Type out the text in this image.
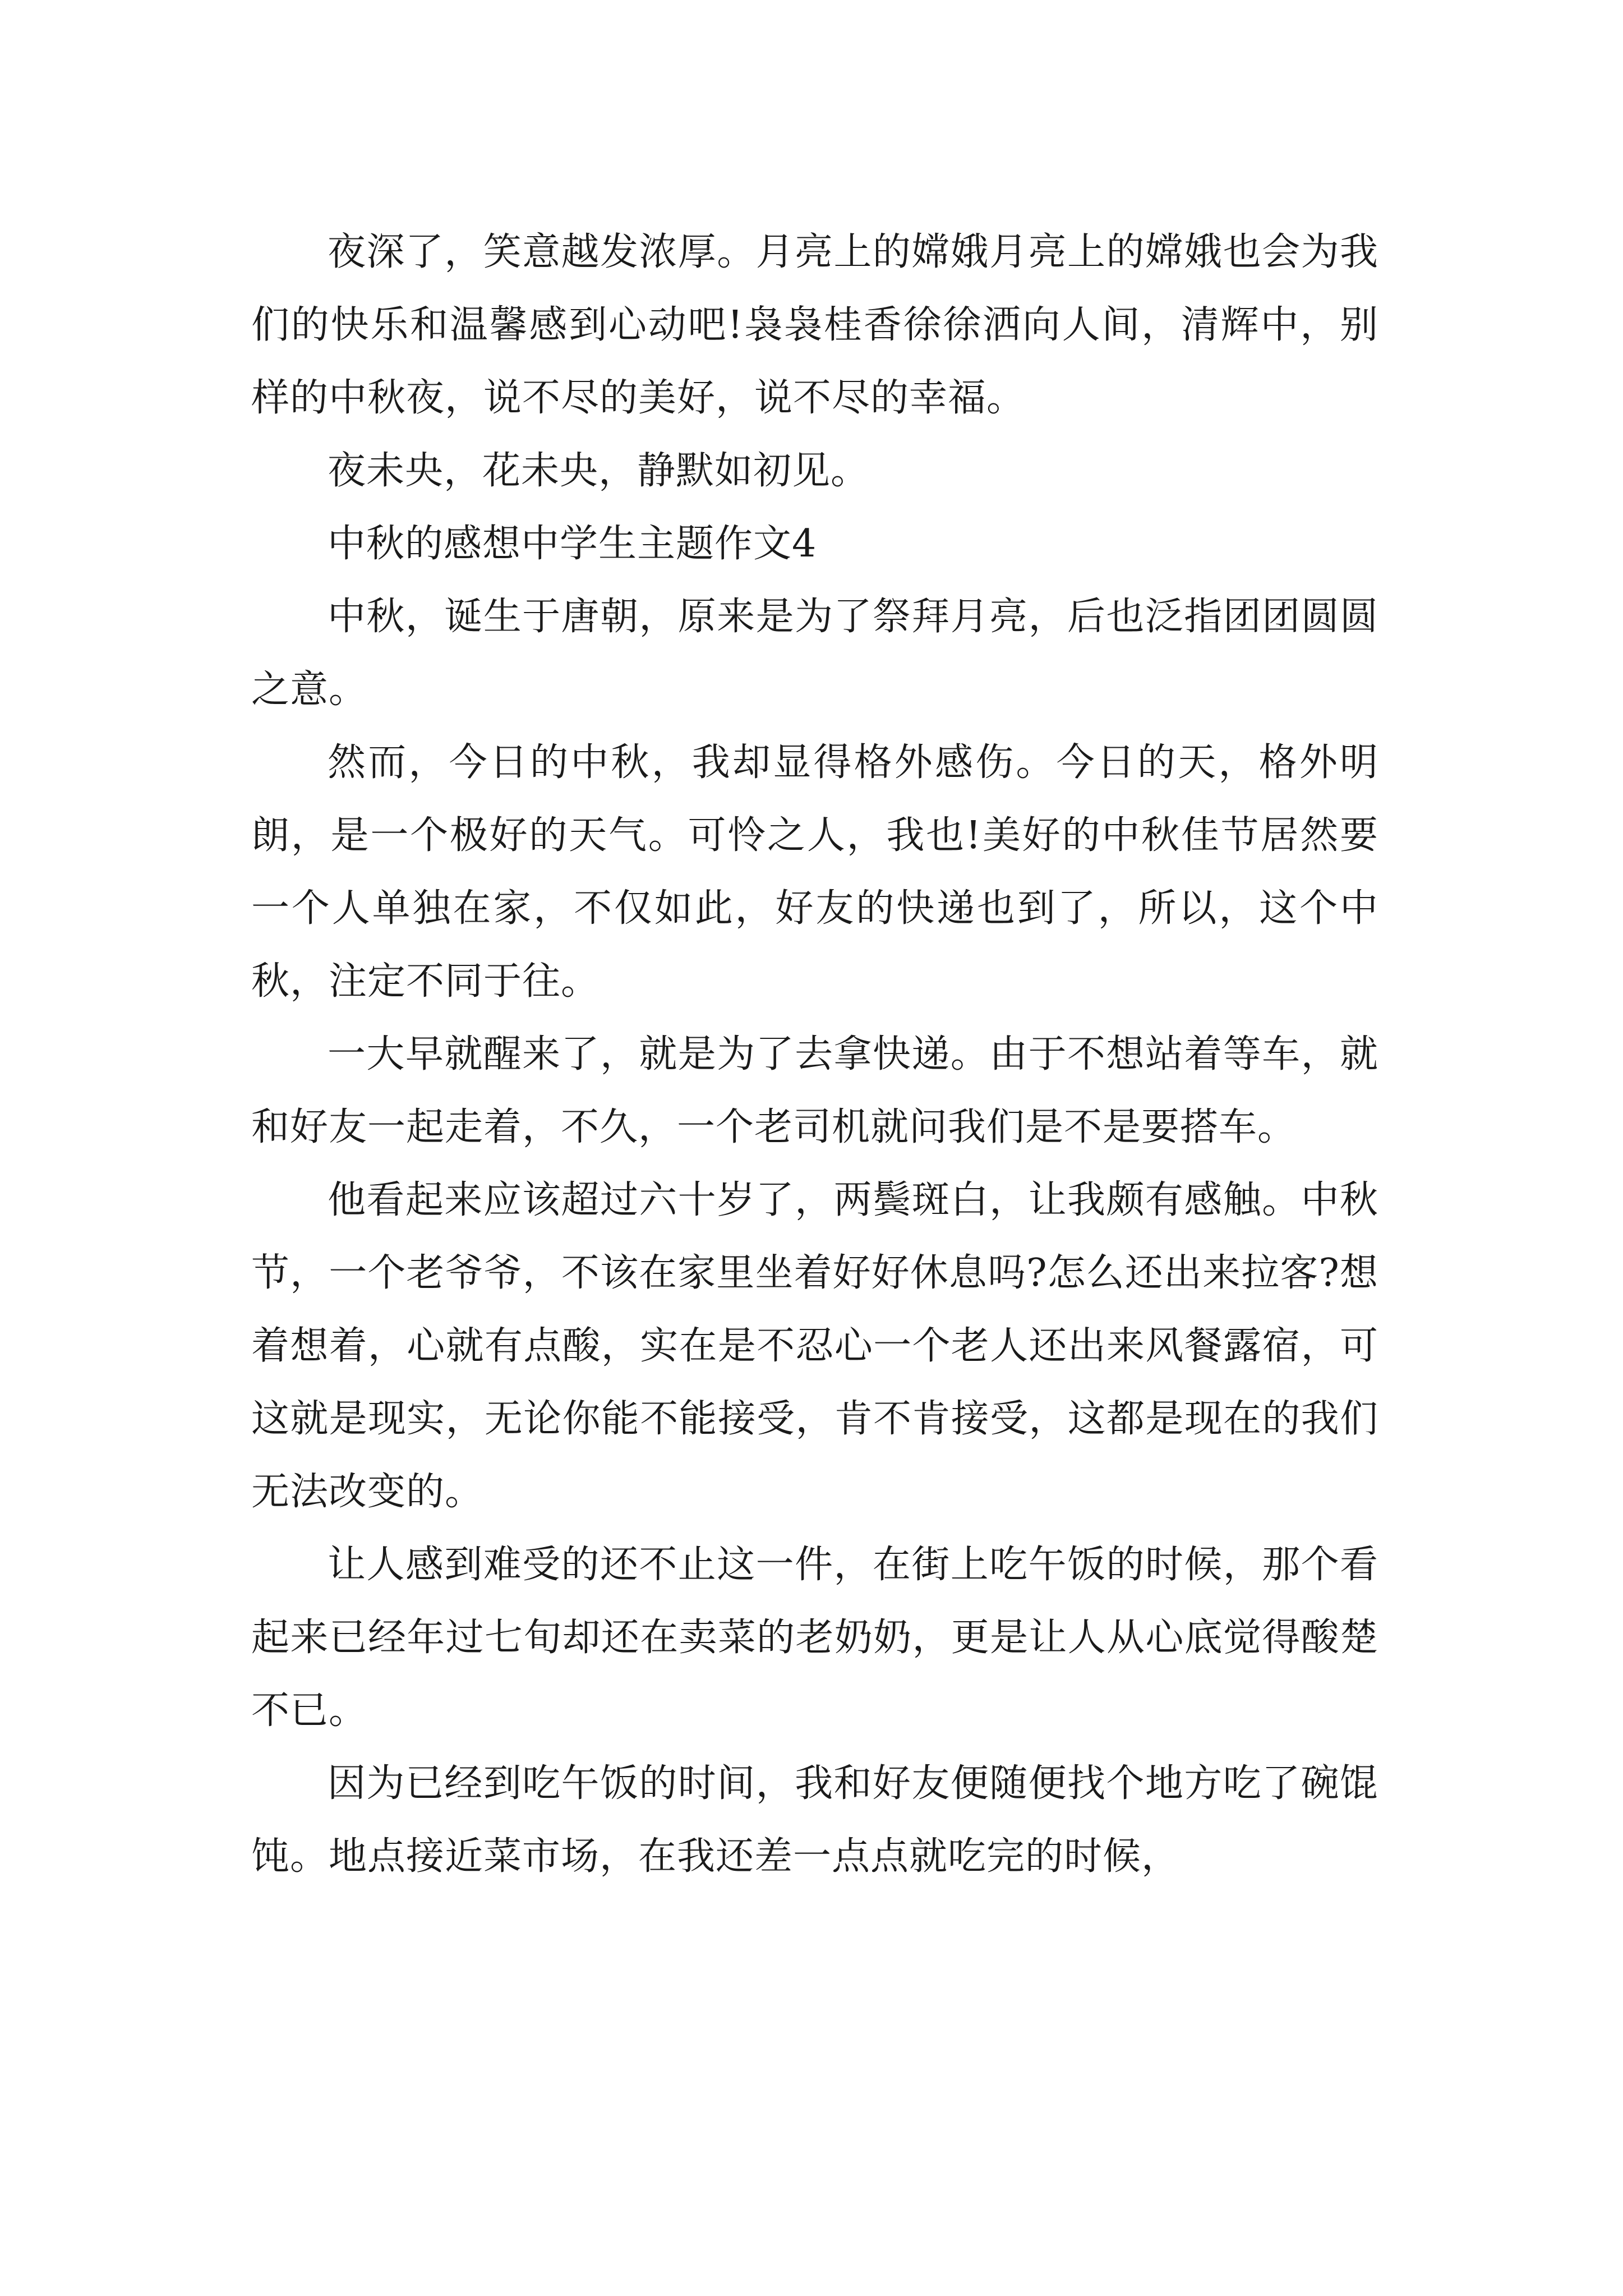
夜深了，笑意越发浓厚。月亮上的嫦娥月亮上的嫦娥也会为我们的快乐和温馨感到心动吧!袅袅桂香徐徐洒向人间，清辉中，别样的中秋夜，说不尽的美好，说不尽的幸福。

夜未央，花未央，静默如初见。

中秋的感想中学生主题作文4

中秋，诞生于唐朝，原来是为了祭拜月亮，后也泛指团团圆圆之意。

然而，今日的中秋，我却显得格外感伤。今日的天，格外明朗，是一个极好的天气。可怜之人，我也!美好的中秋佳节居然要一个人单独在家，不仅如此，好友的快递也到了，所以，这个中秋，注定不同于往。

一大早就醒来了，就是为了去拿快递。由于不想站着等车，就和好友一起走着，不久，一个老司机就问我们是不是要搭车。

他看起来应该超过六十岁了，两鬓斑白，让我颇有感触。中秋节，一个老爷爷，不该在家里坐着好好休息吗?怎么还出来拉客?想着想着，心就有点酸，实在是不忍心一个老人还出来风餐露宿，可这就是现实，无论你能不能接受，肯不肯接受，这都是现在的我们无法改变的。

让人感到难受的还不止这一件，在街上吃午饭的时候，那个看起来已经年过七旬却还在卖菜的老奶奶，更是让人从心底觉得酸楚不已。

因为已经到吃午饭的时间，我和好友便随便找个地方吃了碗馄饨。地点接近菜市场，在我还差一点点就吃完的时候，
